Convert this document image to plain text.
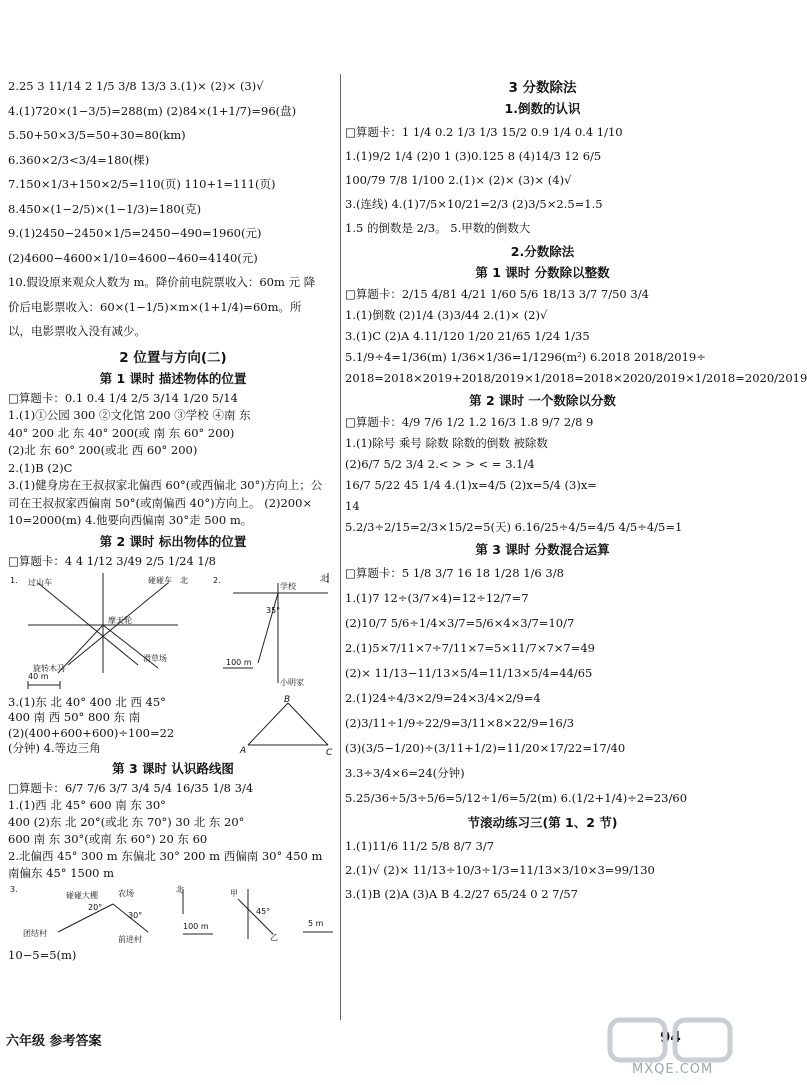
2.25 3 11/14 2 1/5 3/8 13/3 3.(1)× (2)× (3)√
4.(1)720×(1−3/5)=288(m) (2)84×(1+1/7)=96(盘)
5.50+50×3/5=50+30=80(km)
6.360×2/3<3/4=180(棵)
7.150×1/3+150×2/5=110(页) 110+1=111(页)
8.450×(1−2/5)×(1−1/3)=180(克)
9.(1)2450−2450×1/5=2450−490=1960(元)
(2)4600−4600×1/10=4600−460=4140(元)
10.假设原来观众人数为 m。降价前电院票收入：60m 元 降
价后电影票收入：60×(1−1/5)×m×(1+1/4)=60m。所
以，电影票收入没有减少。
2 位置与方向(二)
第 1 课时 描述物体的位置
□算题卡：0.1 0.4 1/4 2/5 3/14 1/20 5/14
1.(1)①公园 300 ②文化馆 200 ③学校 ④南 东
40° 200 北 东 40° 200(或 南 东 60° 200)
(2)北 东 60° 200(或北 西 60° 200)
2.(1)B (2)C
3.(1)健身房在王叔叔家北偏西 60°(或西偏北 30°)方向上；公
司在王叔叔家西偏南 50°(或南偏西 40°)方向上。 (2)200×
10=2000(m) 4.他要向西偏南 30°走 500 m。
第 2 课时 标出物体的位置
□算题卡：4 4 1/12 3/49 2/5 1/24 1/8
1. 过山车	碰碰车 北	2.
摩天轮
旋转木马
滑草场
40 m
学校
35°
100 m
小明家
北
3.(1)东 北 40° 400 北 西 45°
400 南 西 50° 800 东 南
(2)(400+600+600)÷100=22
(分钟) 4.等边三角
B
A	C
第 3 课时 认识路线图
□算题卡：6/7 7/6 3/7 3/4 5/4 16/35 1/8 3/4
1.(1)西 北 45° 600 南 东 30°
400 (2)东 北 20°(或北 东 70°) 30 北 东 20°
600 南 东 30°(或南 东 60°) 20 东 60
2.北偏西 45° 300 m 东偏北 30° 200 m 西偏南 30° 450 m
南偏东 45° 1500 m
3.
碰碰大棚	农场	北
20°
30°
团结村
前进村
100 m
甲
45°
乙
5 m
10−5=5(m)
3 分数除法
1.倒数的认识
□算题卡：1 1/4 0.2 1/3 1/3 15/2 0.9 1/4 0.4 1/10
1.(1)9/2 1/4 (2)0 1 (3)0.125 8 (4)14/3 12 6/5
100/79 7/8 1/100 2.(1)× (2)× (3)× (4)√
3.(连线) 4.(1)7/5×10/21=2/3 (2)3/5×2.5=1.5
1.5 的倒数是 2/3。 5.甲数的倒数大
2.分数除法
第 1 课时 分数除以整数
□算题卡：2/15 4/81 4/21 1/60 5/6 18/13 3/7 7/50 3/4
1.(1)倒数 (2)1/4 (3)3/44 2.(1)× (2)√
3.(1)C (2)A 4.11/120 1/20 21/65 1/24 1/35
5.1/9÷4=1/36(m) 1/36×1/36=1/1296(m²) 6.2018 2018/2019÷
2018=2018×2019+2018/2019×1/2018=2018×2020/2019×1/2018=2020/2019
第 2 课时 一个数除以分数
□算题卡：4/9 7/6 1/2 1.2 16/3 1.8 9/7 2/8 9
1.(1)除号 乘号 除数 除数的倒数 被除数
(2)6/7 5/2 3/4 2.< > > < = 3.1/4
16/7 5/22 45 1/4 4.(1)x=4/5 (2)x=5/4 (3)x=
14
5.2/3÷2/15=2/3×15/2=5(天) 6.16/25÷4/5=4/5 4/5÷4/5=1
第 3 课时 分数混合运算
□算题卡：5 1/8 3/7 16 18 1/28 1/6 3/8
1.(1)7 12÷(3/7×4)=12÷12/7=7
(2)10/7 5/6÷1/4×3/7=5/6×4×3/7=10/7
2.(1)5×7/11×7÷7/11×7=5×11/7×7×7=49
(2)× 11/13−11/13×5/4=11/13×5/4=44/65
2.(1)24÷4/3×2/9=24×3/4×2/9=4
(2)3/11÷1/9÷22/9=3/11×8×22/9=16/3
(3)(3/5−1/20)÷(3/11+1/2)=11/20×17/22=17/40
3.3÷3/4×6=24(分钟)
5.25/36÷5/3÷5/6=5/12÷1/6=5/2(m) 6.(1/2+1/4)÷2=23/60
节滚动练习三(第 1、2 节)
1.(1)11/6 11/2 5/8 8/7 3/7
2.(1)√ (2)× 11/13÷10/3÷1/3=11/13×3/10×3=99/130
3.(1)B (2)A (3)A B 4.2/27 65/24 0 2 7/57
六年级 参考答案	94
MXQE.COM
